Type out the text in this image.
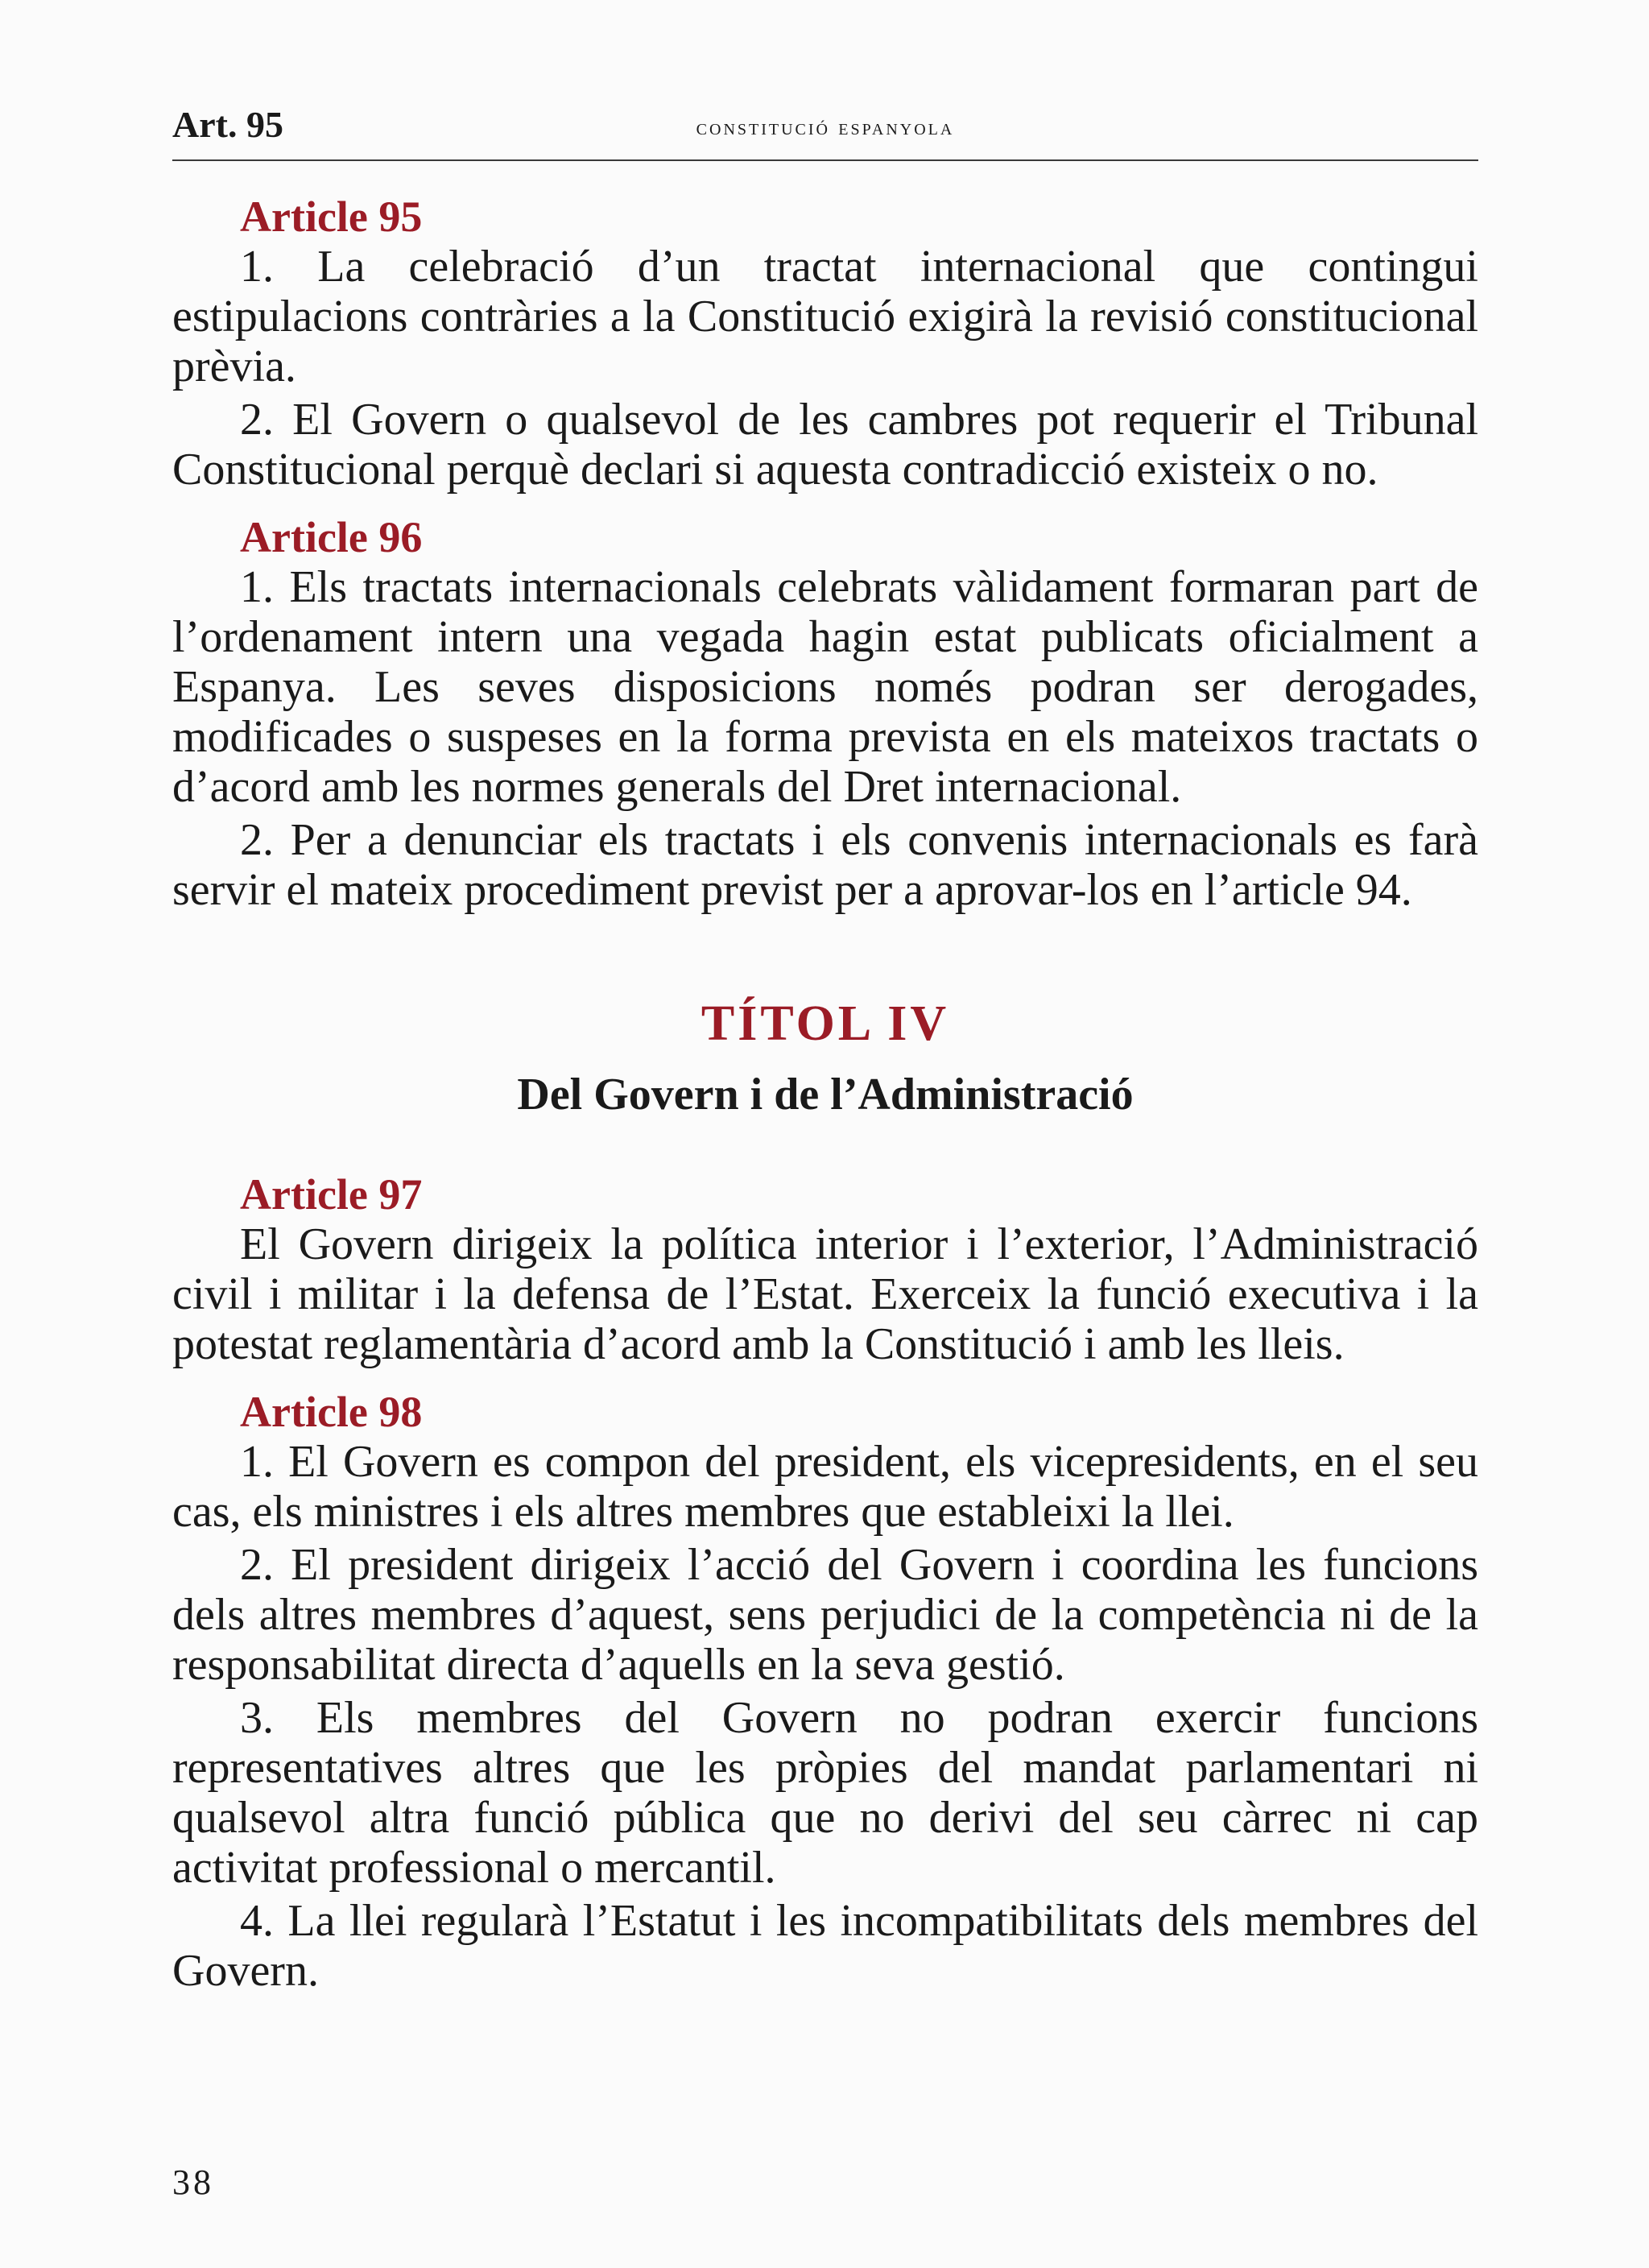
Art. 95	constitució espanyola
Article 95

1. La celebració d’un tractat internacional que contingui estipulacions contràries a la Constitució exigirà la revisió constitucional prèvia.

2. El Govern o qualsevol de les cambres pot requerir el Tribunal Constitucional perquè declari si aquesta contradicció existeix o no.

Article 96

1. Els tractats internacionals celebrats vàlidament formaran part de l’ordenament intern una vegada hagin estat publicats oficialment a Espanya. Les seves disposicions només podran ser derogades, modificades o suspeses en la forma prevista en els mateixos tractats o d’acord amb les normes generals del Dret internacional.

2. Per a denunciar els tractats i els convenis internacionals es farà servir el mateix procediment previst per a aprovar-los en l’article 94.

TÍTOL IV
Del Govern i de l’Administració
Article 97

El Govern dirigeix la política interior i l’exterior, l’Administració civil i militar i la defensa de l’Estat. Exerceix la funció executiva i la potestat reglamentària d’acord amb la Constitució i amb les lleis.

Article 98

1. El Govern es compon del president, els vicepresidents, en el seu cas, els ministres i els altres membres que estableixi la llei.

2. El president dirigeix l’acció del Govern i coordina les funcions dels altres membres d’aquest, sens perjudici de la competència ni de la responsabilitat directa d’aquells en la seva gestió.

3. Els membres del Govern no podran exercir funcions representatives altres que les pròpies del mandat parlamentari ni qualsevol altra funció pública que no derivi del seu càrrec ni cap activitat professional o mercantil.

4. La llei regularà l’Estatut i les incompatibilitats dels membres del Govern.

38
